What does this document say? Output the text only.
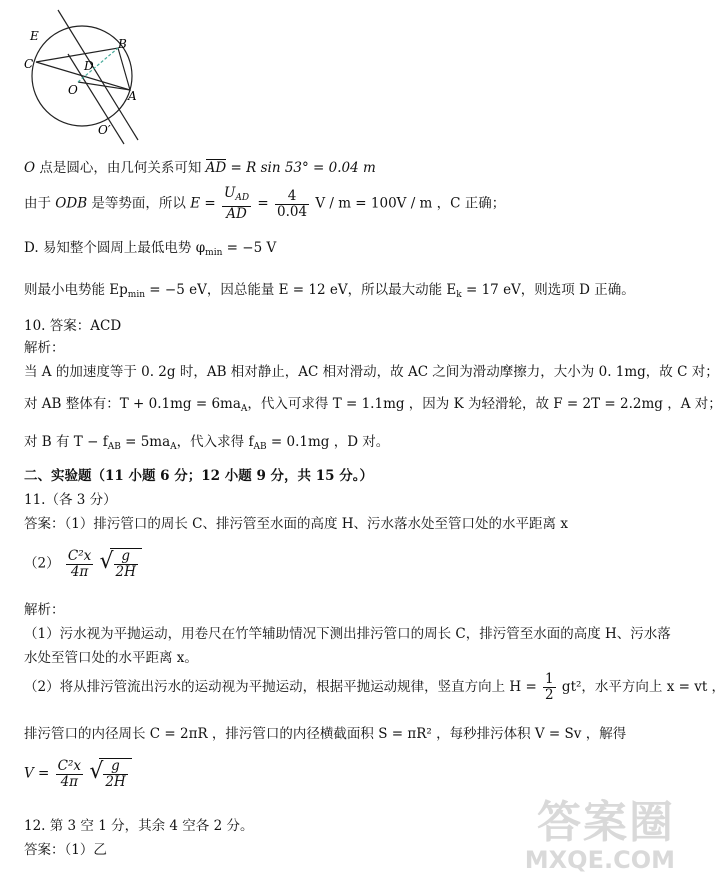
E
C
B
D
O	A
O′
O 点是圆心，由几何关系可知 AD = R sin 53° = 0.04 m
由于 ODB 是等势面，所以 $E = \frac{U_{AD}}{AD} = \frac{4}{0.04}$ V / m = 100V / m ，C 正确；
D. 易知整个圆周上最低电势 $\varphi_{min} = -5$ V
则最小电势能 $Ep_{min} = -5$ eV，因总能量 E = 12 eV，所以最大动能 $E_k = 17$ eV，则选项 D 正确。
10. 答案：ACD
解析：
当 A 的加速度等于 0. 2g 时，AB 相对静止，AC 相对滑动，故 AC 之间为滑动摩擦力，大小为 0. 1mg，故 C 对；
对 AB 整体有：$T + 0.1mg = 6ma_A$，代入可求得 T = 1.1mg ，因为 K 为轻滑轮，故 F = 2T = 2.2mg ，A 对；
对 B 有 $T - f_{AB} = 5ma_A$，代入求得 $f_{AB} = 0.1mg$ ，D 对。
二、实验题（11 小题 6 分；12 小题 9 分，共 15 分。）
11.（各 3 分）
答案：（1）排污管口的周长 C、排污管至水面的高度 H、污水落水处至管口处的水平距离 x
$(2) \frac{\text{C²x}}{4\pi}$
√ $\frac{g}{2H}$
解析：
（1）污水视为平抛运动，用卷尺在竹竿辅助情况下测出排污管口的周长 C，排污管至水面的高度 H、污水落
水处至管口处的水平距离 x。
（2）将从排污管流出污水的运动视为平抛运动，根据平抛运动规律，竖直方向上 $H = \frac{1}{2} gt^2$，水平方向上 x = vt ，
排污管口的内径周长 C = 2πR ，排污管口的内径横截面积 S = πR² ，每秒排污体积 V = Sv ，解得
$V = \frac{\text{C²x}}{4\pi}$
√ $\frac{g}{2H}$
12. 第 3 空 1 分，其余 4 空各 2 分。
答案：（1）乙
答案圈
MXQE.COM
